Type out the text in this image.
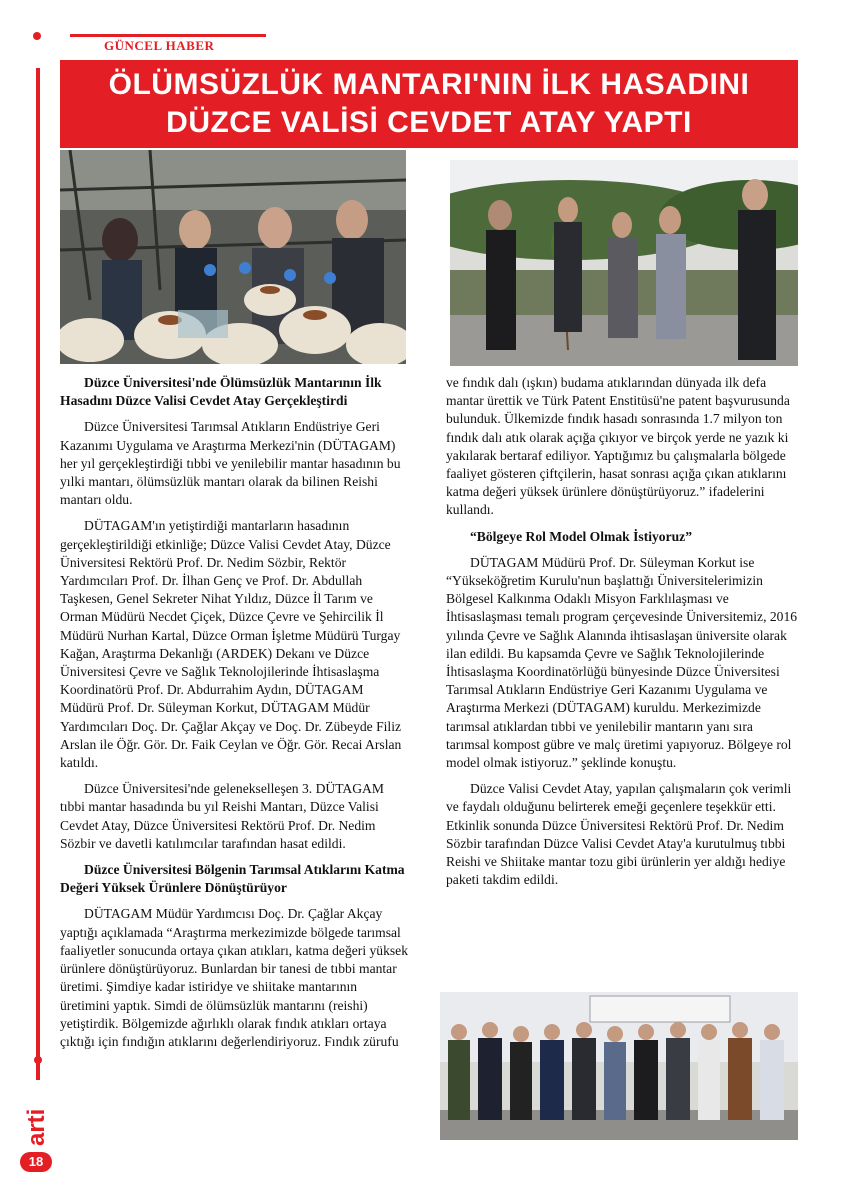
GÜNCEL HABER
ÖLÜMSÜZLÜK MANTARI'NIN İLK HASADINI
DÜZCE VALİSİ CEVDET ATAY YAPTI
Düzce Üniversitesi'nde Ölümsüzlük Mantarının İlk Hasadını Düzce Valisi Cevdet Atay Gerçekleştirdi

Düzce Üniversitesi Tarımsal Atıkların Endüstriye Geri Kazanımı Uygulama ve Araştırma Merkezi'nin (DÜTAGAM) her yıl gerçekleştirdiği tıbbi ve yenilebilir mantar hasadının bu yılki mantarı, ölümsüzlük mantarı olarak da bilinen Reishi mantarı oldu.

DÜTAGAM'ın yetiştirdiği mantarların hasadının gerçekleştirildiği etkinliğe; Düzce Valisi Cevdet Atay, Düzce Üniversitesi Rektörü Prof. Dr. Nedim Sözbir, Rektör Yardımcıları Prof. Dr. İlhan Genç ve Prof. Dr. Abdullah Taşkesen, Genel Sekreter Nihat Yıldız, Düzce İl Tarım ve Orman Müdürü Necdet Çiçek, Düzce Çevre ve Şehircilik İl Müdürü Nurhan Kartal, Düzce Orman İşletme Müdürü Turgay Kağan, Araştırma Dekanlığı (ARDEK) Dekanı ve Düzce Üniversitesi Çevre ve Sağlık Teknolojilerinde İhtisaslaşma Koordinatörü Prof. Dr. Abdurrahim Aydın, DÜTAGAM Müdürü Prof. Dr. Süleyman Korkut, DÜTAGAM Müdür Yardımcıları Doç. Dr. Çağlar Akçay ve Doç. Dr. Zübeyde Filiz Arslan ile Öğr. Gör. Dr. Faik Ceylan ve Öğr. Gör. Recai Arslan katıldı.

Düzce Üniversitesi'nde gelenekselleşen 3. DÜTAGAM tıbbi mantar hasadında bu yıl Reishi Mantarı, Düzce Valisi Cevdet Atay, Düzce Üniversitesi Rektörü Prof. Dr. Nedim Sözbir ve davetli katılımcılar tarafından hasat edildi.

Düzce Üniversitesi Bölgenin Tarımsal Atıklarını Katma Değeri Yüksek Ürünlere Dönüştürüyor

DÜTAGAM Müdür Yardımcısı Doç. Dr. Çağlar Akçay yaptığı açıklamada “Araştırma merkezimizde bölgede tarımsal faaliyetler sonucunda ortaya çıkan atıkları, katma değeri yüksek ürünlere dönüştürüyoruz. Bunlardan bir tanesi de tıbbi mantar üretimi. Şimdiye kadar istiridye ve shiitake mantarının üretimini yaptık. Simdi de ölümsüzlük mantarını (reishi) yetiştirdik. Bölgemizde ağırlıklı olarak fındık atıkları ortaya çıktığı için fındığın atıklarını değerlendiriyoruz. Fındık zürufu

ve fındık dalı (ışkın) budama atıklarından dünyada ilk defa mantar ürettik ve Türk Patent Enstitüsü'ne patent başvurusunda bulunduk. Ülkemizde fındık hasadı sonrasında 1.7 milyon ton fındık dalı atık olarak açığa çıkıyor ve birçok yerde ne yazık ki yakılarak bertaraf ediliyor. Yaptığımız bu çalışmalarla bölgede faaliyet gösteren çiftçilerin, hasat sonrası açığa çıkan atıklarını katma değeri yüksek ürünlere dönüştürüyoruz.” ifadelerini kullandı.

“Bölgeye Rol Model Olmak İstiyoruz”

DÜTAGAM Müdürü Prof. Dr. Süleyman Korkut ise “Yükseköğretim Kurulu'nun başlattığı Üniversitelerimizin Bölgesel Kalkınma Odaklı Misyon Farklılaşması ve İhtisaslaşması temalı program çerçevesinde Üniversitemiz, 2016 yılında Çevre ve Sağlık Alanında ihtisaslaşan üniversite olarak ilan edildi. Bu kapsamda Çevre ve Sağlık Teknolojilerinde İhtisaslaşma Koordinatörlüğü bünyesinde Düzce Üniversitesi Tarımsal Atıkların Endüstriye Geri Kazanımı Uygulama ve Araştırma Merkezi (DÜTAGAM) kuruldu. Merkezimizde tarımsal atıklardan tıbbi ve yenilebilir mantarın yanı sıra tarımsal kompost gübre ve malç üretimi yapıyoruz. Bölgeye rol model olmak istiyoruz.” şeklinde konuştu.

Düzce Valisi Cevdet Atay, yapılan çalışmaların çok verimli ve faydalı olduğunu belirterek emeği geçenlere teşekkür etti. Etkinlik sonunda Düzce Üniversitesi Rektörü Prof. Dr. Nedim Sözbir tarafından Düzce Valisi Cevdet Atay'a kurutulmuş tıbbi Reishi ve Shiitake mantar tozu gibi ürünlerin yer aldığı hediye paketi takdim edildi.

arti
18
